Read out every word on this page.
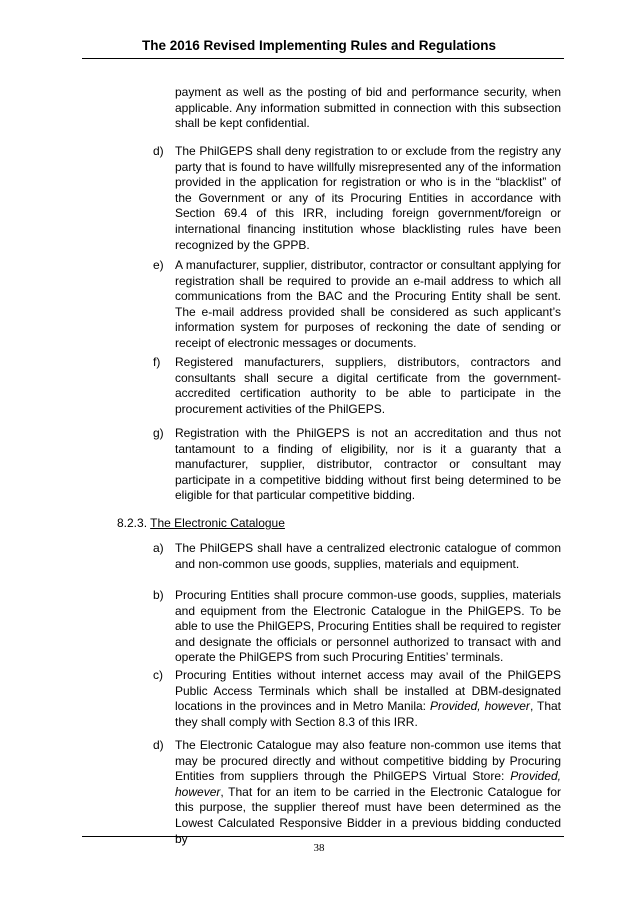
The 2016 Revised Implementing Rules and Regulations
payment as well as the posting of bid and performance security, when applicable. Any information submitted in connection with this subsection shall be kept confidential.
d) The PhilGEPS shall deny registration to or exclude from the registry any party that is found to have willfully misrepresented any of the information provided in the application for registration or who is in the “blacklist” of the Government or any of its Procuring Entities in accordance with Section 69.4 of this IRR, including foreign government/foreign or international financing institution whose blacklisting rules have been recognized by the GPPB.
e) A manufacturer, supplier, distributor, contractor or consultant applying for registration shall be required to provide an e-mail address to which all communications from the BAC and the Procuring Entity shall be sent. The e-mail address provided shall be considered as such applicant’s information system for purposes of reckoning the date of sending or receipt of electronic messages or documents.
f) Registered manufacturers, suppliers, distributors, contractors and consultants shall secure a digital certificate from the government-accredited certification authority to be able to participate in the procurement activities of the PhilGEPS.
g) Registration with the PhilGEPS is not an accreditation and thus not tantamount to a finding of eligibility, nor is it a guaranty that a manufacturer, supplier, distributor, contractor or consultant may participate in a competitive bidding without first being determined to be eligible for that particular competitive bidding.
8.2.3. The Electronic Catalogue
a) The PhilGEPS shall have a centralized electronic catalogue of common and non-common use goods, supplies, materials and equipment.
b) Procuring Entities shall procure common-use goods, supplies, materials and equipment from the Electronic Catalogue in the PhilGEPS. To be able to use the PhilGEPS, Procuring Entities shall be required to register and designate the officials or personnel authorized to transact with and operate the PhilGEPS from such Procuring Entities’ terminals.
c) Procuring Entities without internet access may avail of the PhilGEPS Public Access Terminals which shall be installed at DBM-designated locations in the provinces and in Metro Manila: Provided, however, That they shall comply with Section 8.3 of this IRR.
d) The Electronic Catalogue may also feature non-common use items that may be procured directly and without competitive bidding by Procuring Entities from suppliers through the PhilGEPS Virtual Store: Provided, however, That for an item to be carried in the Electronic Catalogue for this purpose, the supplier thereof must have been determined as the Lowest Calculated Responsive Bidder in a previous bidding conducted by
38
